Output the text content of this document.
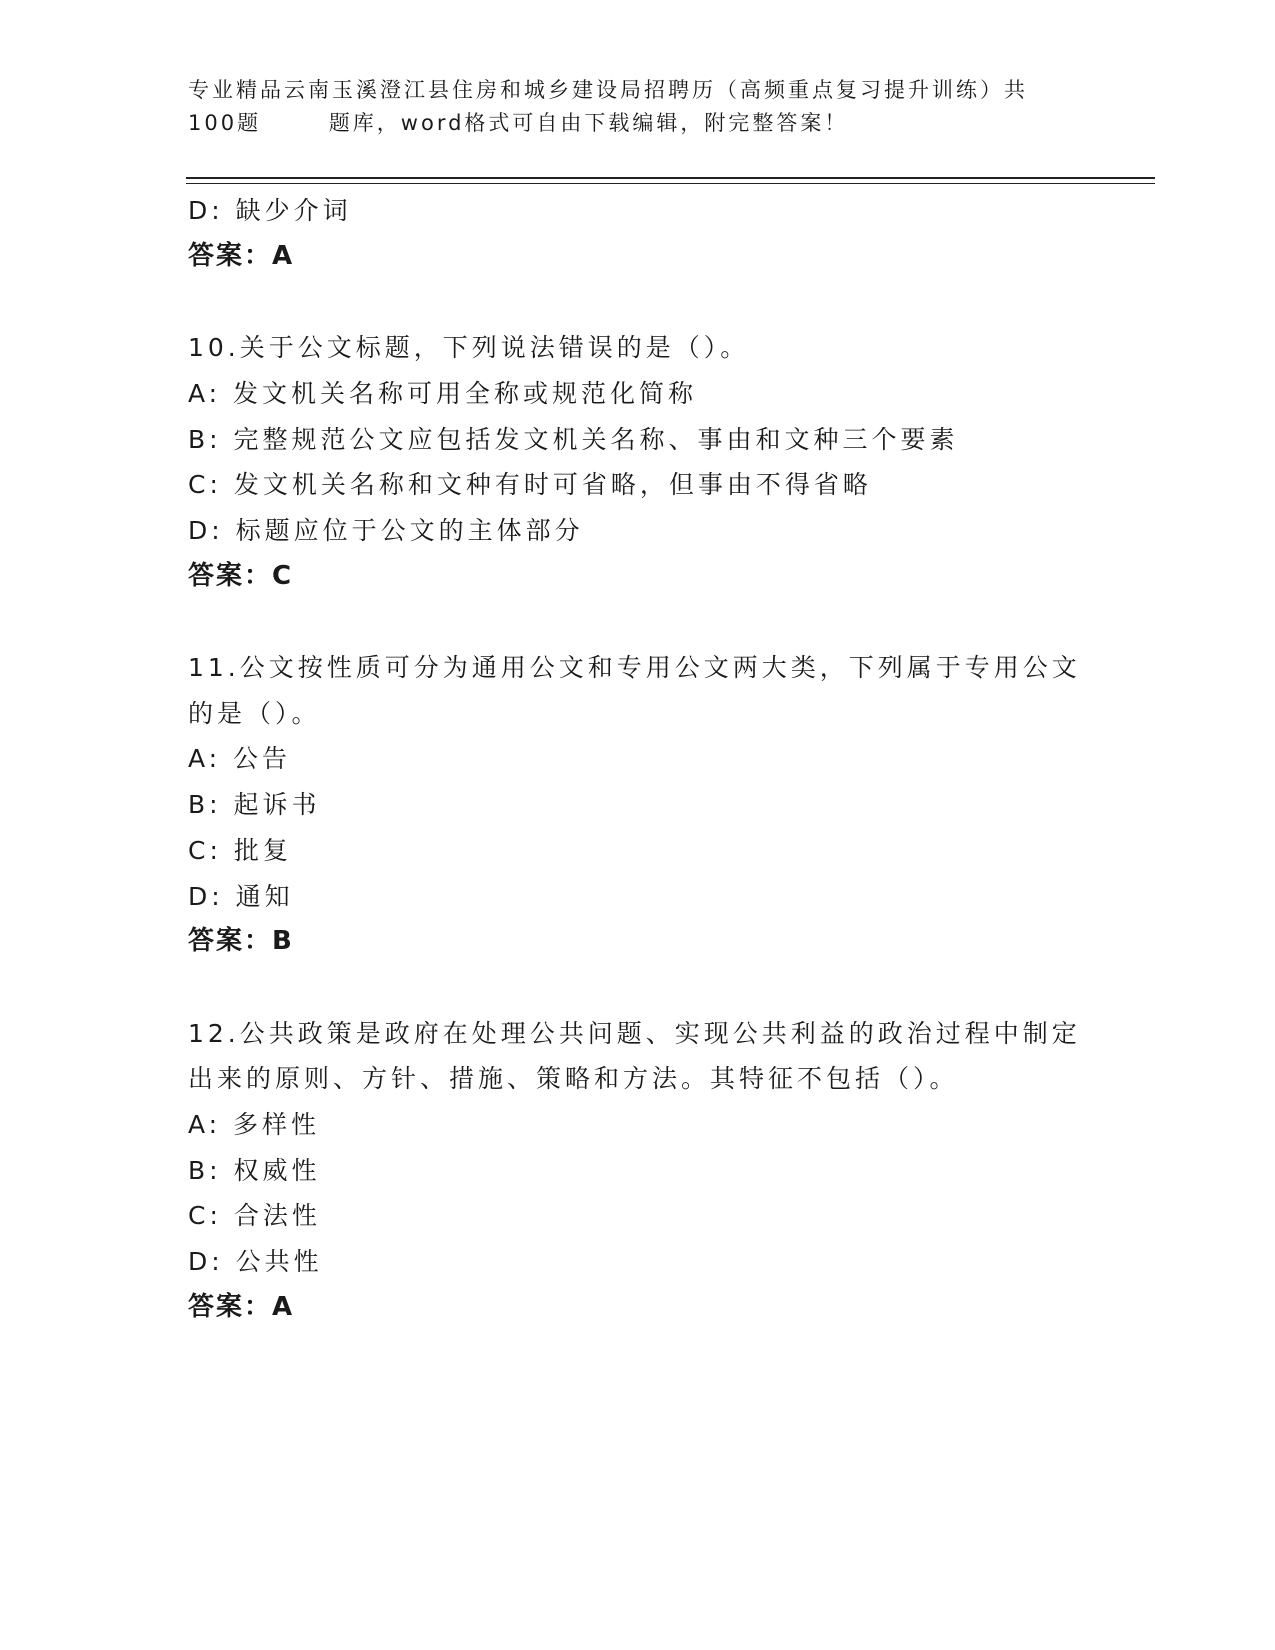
专业精品云南玉溪澄江县住房和城乡建设局招聘历（高频重点复习提升训练）共
100题       题库，word格式可自由下载编辑，附完整答案！
D: 缺少介词
答案：A
10.关于公文标题，下列说法错误的是（）。
A: 发文机关名称可用全称或规范化简称
B: 完整规范公文应包括发文机关名称、事由和文种三个要素
C: 发文机关名称和文种有时可省略，但事由不得省略
D: 标题应位于公文的主体部分
答案：C
11.公文按性质可分为通用公文和专用公文两大类，下列属于专用公文
的是（）。
A: 公告
B: 起诉书
C: 批复
D: 通知
答案：B
12.公共政策是政府在处理公共问题、实现公共利益的政治过程中制定
出来的原则、方针、措施、策略和方法。其特征不包括（）。
A: 多样性
B: 权威性
C: 合法性
D: 公共性
答案：A
